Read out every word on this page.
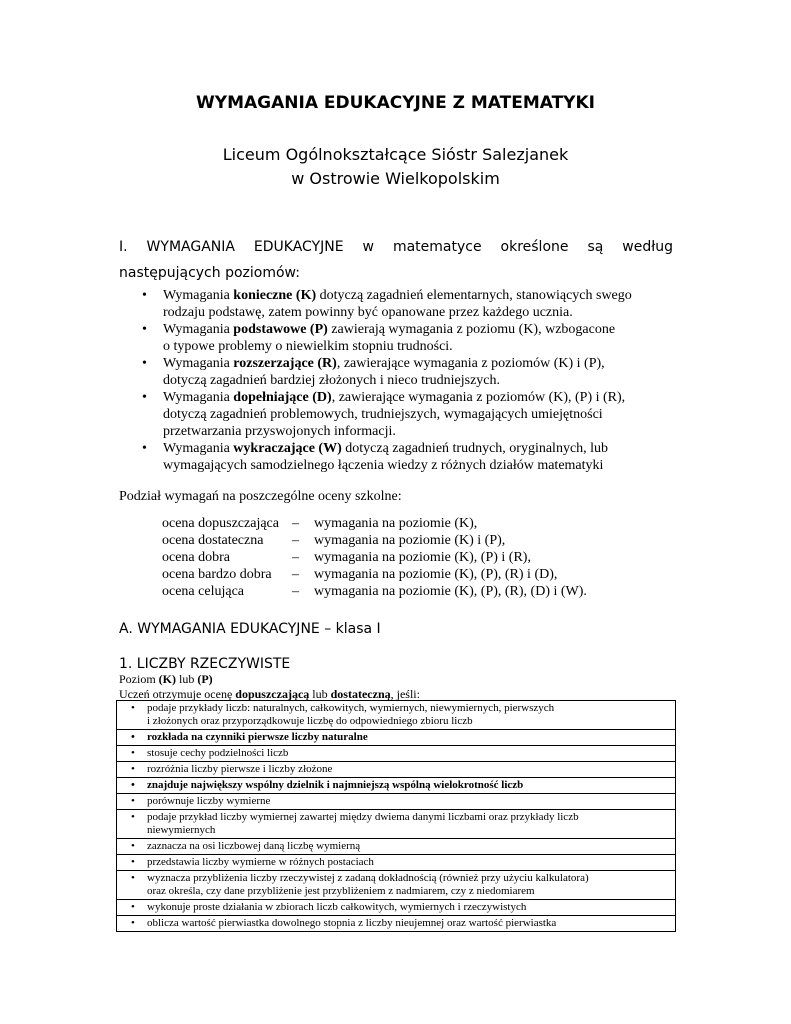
WYMAGANIA EDUKACYJNE Z MATEMATYKI
Liceum Ogólnokształcące Sióstr Salezjanek
w Ostrowie Wielkopolskim
I. WYMAGANIA EDUKACYJNE w matematyce określone są według
następujących poziomów:
• Wymagania konieczne (K) dotyczą zagadnień elementarnych, stanowiących swego
rodzaju podstawę, zatem powinny być opanowane przez każdego ucznia.
• Wymagania podstawowe (P) zawierają wymagania z poziomu (K), wzbogacone
o typowe problemy o niewielkim stopniu trudności.
• Wymagania rozszerzające (R), zawierające wymagania z poziomów (K) i (P),
dotyczą zagadnień bardziej złożonych i nieco trudniejszych.
• Wymagania dopełniające (D), zawierające wymagania z poziomów (K), (P) i (R),
dotyczą zagadnień problemowych, trudniejszych, wymagających umiejętności
przetwarzania przyswojonych informacji.
• Wymagania wykraczające (W) dotyczą zagadnień trudnych, oryginalnych, lub
wymagających samodzielnego łączenia wiedzy z różnych działów matematyki
Podział wymagań na poszczególne oceny szkolne:
ocena dopuszczająca –	wymagania na poziomie (K),
ocena dostateczna	–	wymagania na poziomie (K) i (P),
ocena dobra	–	wymagania na poziomie (K), (P) i (R),
ocena bardzo dobra	–	wymagania na poziomie (K), (P), (R) i (D),
ocena celująca	–	wymagania na poziomie (K), (P), (R), (D) i (W).
A. WYMAGANIA EDUKACYJNE – klasa I
1. LICZBY RZECZYWISTE
Poziom (K) lub (P)
Uczeń otrzymuje ocenę dopuszczającą lub dostateczną, jeśli:
• podaje przykłady liczb: naturalnych, całkowitych, wymiernych, niewymiernych, pierwszych
i złożonych oraz przyporządkowuje liczbę do odpowiedniego zbioru liczb

• rozkłada na czynniki pierwsze liczby naturalne

• stosuje cechy podzielności liczb

• rozróżnia liczby pierwsze i liczby złożone

• znajduje największy wspólny dzielnik i najmniejszą wspólną wielokrotność liczb

• porównuje liczby wymierne

• podaje przykład liczby wymiernej zawartej między dwiema danymi liczbami oraz przykłady liczb
niewymiernych

• zaznacza na osi liczbowej daną liczbę wymierną

• przedstawia liczby wymierne w różnych postaciach

• wyznacza przybliżenia liczby rzeczywistej z zadaną dokładnością (również przy użyciu kalkulatora)
oraz określa, czy dane przybliżenie jest przybliżeniem z nadmiarem, czy z niedomiarem

• wykonuje proste działania w zbiorach liczb całkowitych, wymiernych i rzeczywistych

• oblicza wartość pierwiastka dowolnego stopnia z liczby nieujemnej oraz wartość pierwiastka
